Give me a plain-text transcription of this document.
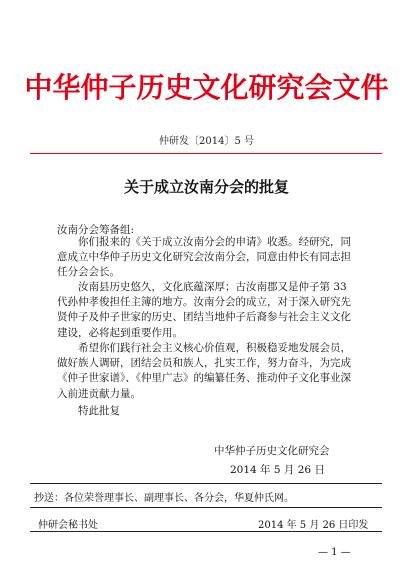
中华仲子历史文化研究会文件
仲研发〔2014〕5 号
关于成立汝南分会的批复
汝南分会筹备组:

你们报来的《关于成立汝南分会的申请》收悉。经研究，同意成立中华仲子历史文化研究会汝南分会，同意由仲长有同志担任分会会长。

汝南县历史悠久，文化底蕴深厚；古汝南郡又是仲子第 33 代孙仲孝俊担任主簿的地方。汝南分会的成立，对于深入研究先贤仲子及仲子世家的历史、团结当地仲子后裔参与社会主义文化建设，必将起到重要作用。

希望你们践行社会主义核心价值观，积极稳妥地发展会员，做好族人调研，团结会员和族人，扎实工作，努力奋斗，为完成《仲子世家谱》、《仲里广志》的编纂任务、推动仲子文化事业深入前进贡献力量。

特此批复
中华仲子历史文化研究会
2014 年 5 月 26 日
抄送：各位荣誉理事长、副理事长、各分会，华夏仲氏网。
仲研会秘书处	2014 年 5 月 26 日印发
— 1 —
